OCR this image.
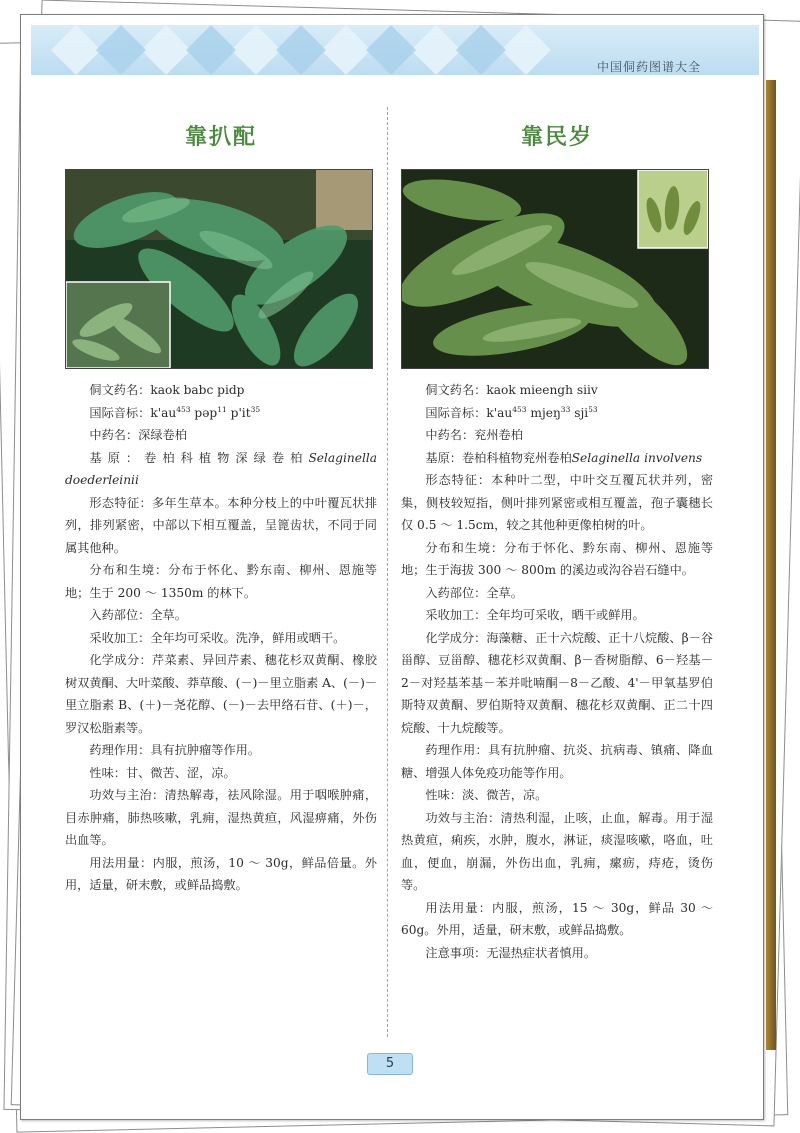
中国侗药图谱大全
靠扒配

侗文药名：kaok babc pidp

国际音标：$k'au^{453}$ pəp$^{11}$ $p'it^{35}$

中药名：深绿卷柏

基原：卷柏科植物深绿卷柏Selaginella doederleinii

形态特征：多年生草本。本种分枝上的中叶覆瓦状排列，排列紧密，中部以下相互覆盖，呈篦齿状，不同于同属其他种。

分布和生境：分布于怀化、黔东南、柳州、恩施等地；生于 200 ～ 1350m 的林下。

入药部位：全草。

采收加工：全年均可采收。洗净，鲜用或晒干。

化学成分：芹菜素、异回芹素、穗花杉双黄酮、橡胶树双黄酮、大叶菜酸、莽草酸、(－)－里立脂素 A、(－)－里立脂素 B、(＋)－尧花醇、(－)－去甲络石苷、(＋)－，罗汉松脂素等。

药理作用：具有抗肿瘤等作用。

性味：甘、微苦、涩，凉。

功效与主治：清热解毒，祛风除湿。用于咽喉肿痛，目赤肿痛，肺热咳嗽，乳痈，湿热黄疸，风湿痹痛，外伤出血等。

用法用量：内服，煎汤，10 ～ 30g，鲜品倍量。外用，适量，研末敷，或鲜品捣敷。

靠民岁

侗文药名：kaok mieengh siiv

国际音标：$k'au^{453}$ mjeŋ$^{33}$ sji$^{53}$

中药名：兖州卷柏

基原：卷柏科植物兖州卷柏Selaginella involvens

形态特征：本种叶二型，中叶交互覆瓦状并列，密集，侧枝较短指，侧叶排列紧密或相互覆盖，孢子囊穗长仅 0.5 ～ 1.5cm，较之其他种更像柏树的叶。

分布和生境：分布于怀化、黔东南、柳州、恩施等地；生于海拔 300 ～ 800m 的溪边或沟谷岩石缝中。

入药部位：全草。

采收加工：全年均可采收，晒干或鲜用。

化学成分：海藻糖、正十六烷酸、正十八烷酸、β－谷甾醇、豆甾醇、穗花杉双黄酮、β－香树脂醇、6－羟基－2－对羟基苯基－苯并吡喃酮－8－乙酸、4'－甲氧基罗伯斯特双黄酮、罗伯斯特双黄酮、穗花杉双黄酮、正二十四烷酸、十九烷酸等。

药理作用：具有抗肿瘤、抗炎、抗病毒、镇痛、降血糖、增强人体免疫功能等作用。

性味：淡、微苦，凉。

功效与主治：清热利湿，止咳，止血，解毒。用于湿热黄疸，痢疾，水肿，腹水，淋证，痰湿咳嗽，咯血，吐血，便血，崩漏，外伤出血，乳痈，瘰疬，痔疮，烫伤等。

用法用量：内服，煎汤，15 ～ 30g，鲜品 30 ～ 60g。外用，适量，研末敷，或鲜品捣敷。

注意事项：无湿热症状者慎用。

5
